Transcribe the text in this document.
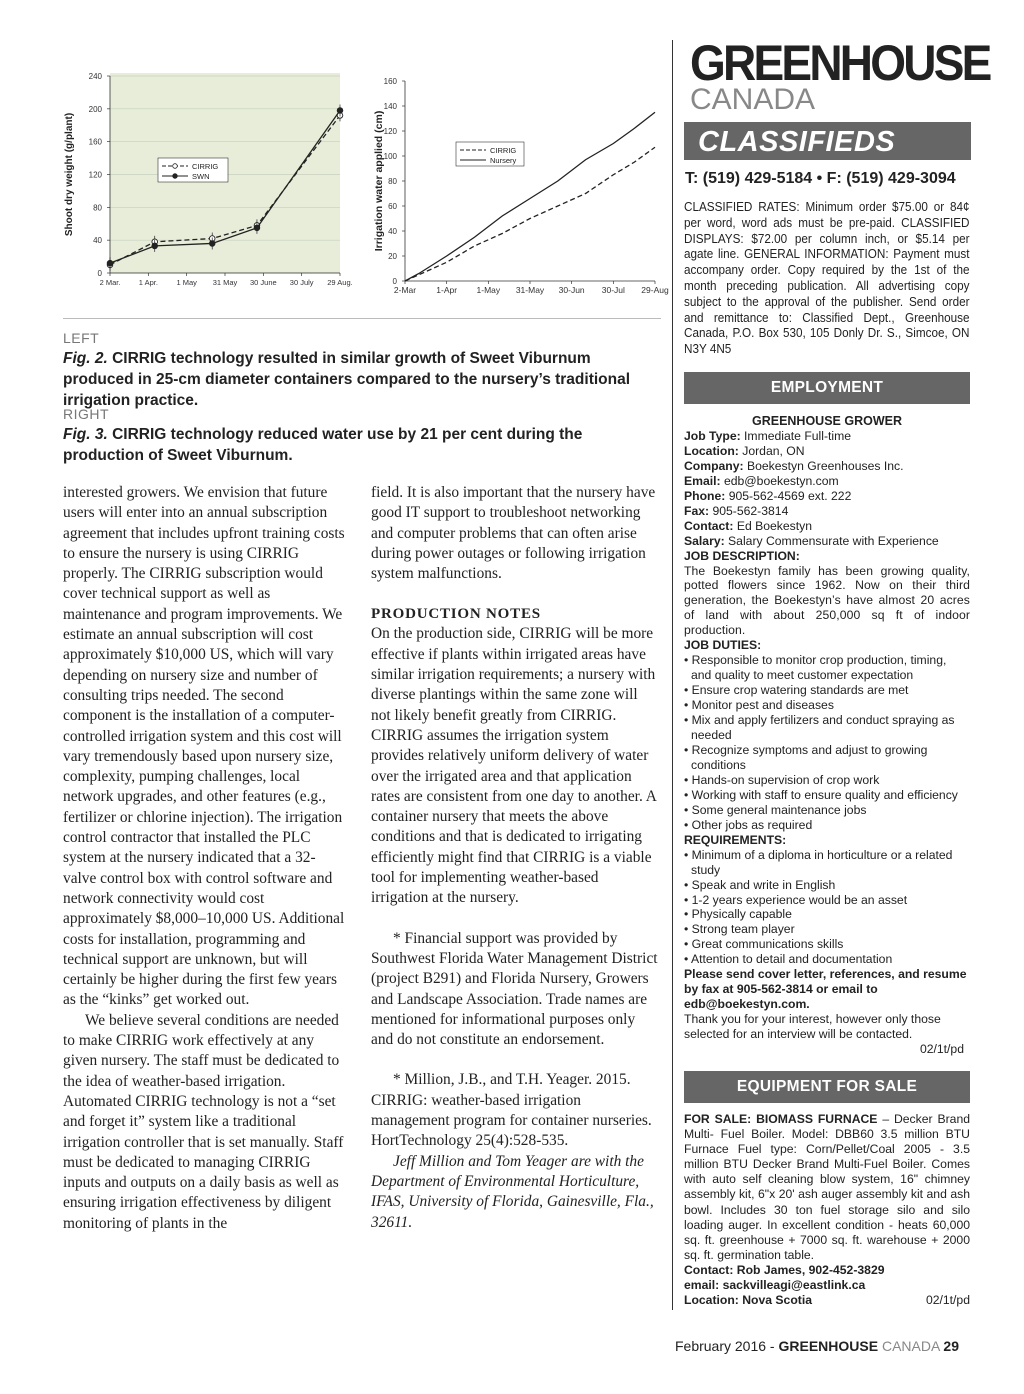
0
40
80
120
160
200
240
2 Mar. 1 Apr. 1 May 31 May 30 June 30 July 29 Aug.
Shoot dry weight (g/plant)	CIRRIG
SWN
0
20
40
60
80
100
120
140
160
2-Mar 1-Apr 1-May 31-May 30-Jun 30-Jul 29-Aug
Irrigation water applied (cm)	CIRRIG
Nursery
LEFT
Fig. 2. CIRRIG technology resulted in similar growth of Sweet Viburnum produced in 25-cm diameter containers compared to the nursery’s traditional irrigation practice.
RIGHT
Fig. 3. CIRRIG technology reduced water use by 21 per cent during the production of Sweet Viburnum.

interested growers. We envision that future users will enter into an annual subscription agreement that includes upfront training costs to ensure the nursery is using CIRRIG properly. The CIRRIG subscription would cover technical support as well as maintenance and program improvements. We estimate an annual subscription will cost approximately $10,000 US, which will vary depending on nursery size and number of consulting trips needed. The second component is the installation of a computer-controlled irrigation system and this cost will vary tremendously based upon nursery size, complexity, pumping challenges, local network upgrades, and other features (e.g., fertilizer or chlorine injection). The irrigation control contractor that installed the PLC system at the nursery indicated that a 32-valve control box with control software and network connectivity would cost approximately $8,000–10,000 US. Additional costs for installation, programming and technical support are unknown, but will certainly be higher during the first few years as the “kinks” get worked out.

We believe several conditions are needed to make CIRRIG work effectively at any given nursery. The staff must be dedicated to the idea of weather-based irrigation. Automated CIRRIG technology is not a “set and forget it” system like a traditional irrigation controller that is set manually. Staff must be dedicated to managing CIRRIG inputs and outputs on a daily basis as well as ensuring irrigation effectiveness by diligent monitoring of plants in the

field. It is also important that the nursery have good IT support to troubleshoot networking and computer problems that can often arise during power outages or following irrigation system malfunctions.

PRODUCTION NOTES

On the production side, CIRRIG will be more effective if plants within irrigated areas have similar irrigation requirements; a nursery with diverse plantings within the same zone will not likely benefit greatly from CIRRIG. CIRRIG assumes the irrigation system provides relatively uniform delivery of water over the irrigated area and that application rates are consistent from one day to another. A container nursery that meets the above conditions and that is dedicated to irrigating efficiently might find that CIRRIG is a viable tool for implementing weather-based irrigation at the nursery.

* Financial support was provided by Southwest Florida Water Management District (project B291) and Florida Nursery, Growers and Landscape Association. Trade names are mentioned for informational purposes only and do not constitute an endorsement.

* Million, J.B., and T.H. Yeager. 2015. CIRRIG: weather-based irrigation management program for container nurseries. HortTechnology 25(4):528-535.

Jeff Million and Tom Yeager are with the Department of Environmental Horticulture, IFAS, University of Florida, Gainesville, Fla., 32611.

GREENHOUSE
CANADA
CLASSIFIEDS
T: (519) 429-5184 • F: (519) 429-3094
CLASSIFIED RATES: Minimum order $75.00 or 84¢ per word, word ads must be pre-paid. CLASSIFIED DISPLAYS: $72.00 per column inch, or $5.14 per agate line. GENERAL INFORMATION: Payment must accompany order. Copy required by the 1st of the month preceding publication. All advertising copy subject to the approval of the publisher. Send order and remittance to: Classified Dept., Greenhouse Canada, P.O. Box 530, 105 Donly Dr. S., Simcoe, ON N3Y 4N5
EMPLOYMENT
GREENHOUSE GROWER
Job Type: Immediate Full-time
Location: Jordan, ON
Company: Boekestyn Greenhouses Inc.
Email: edb@boekestyn.com
Phone: 905-562-4569 ext. 222
Fax: 905-562-3814
Contact: Ed Boekestyn
Salary: Salary Commensurate with Experience
JOB DESCRIPTION:
The Boekestyn family has been growing quality, potted flowers since 1962. Now on their third generation, the Boekestyn’s have almost 20 acres of land with about 250,000 sq ft of indoor production.
JOB DUTIES:
• Responsible to monitor crop production, timing, and quality to meet customer expectation
• Ensure crop watering standards are met
• Monitor pest and diseases
• Mix and apply fertilizers and conduct spraying as needed
• Recognize symptoms and adjust to growing conditions
• Hands-on supervision of crop work
• Working with staff to ensure quality and efficiency
• Some general maintenance jobs
• Other jobs as required
REQUIREMENTS:
• Minimum of a diploma in horticulture or a related study
• Speak and write in English
• 1-2 years experience would be an asset
• Physically capable
• Strong team player
• Great communications skills
• Attention to detail and documentation
Please send cover letter, references, and resume by fax at 905-562-3814 or email to edb@boekestyn.com.
Thank you for your interest, however only those selected for an interview will be contacted.
02/1t/pd
EQUIPMENT FOR SALE
FOR SALE: BIOMASS FURNACE – Decker Brand Multi- Fuel Boiler. Model: DBB60 3.5 million BTU Furnace Fuel type: Corn/Pellet/Coal 2005 - 3.5 million BTU Decker Brand Multi-Fuel Boiler. Comes with auto self cleaning blow system, 16" chimney assembly kit, 6"x 20' ash auger assembly kit and ash bowl. Includes 30 ton fuel storage silo and silo loading auger. In excellent condition - heats 60,000 sq. ft. greenhouse + 7000 sq. ft. warehouse + 2000 sq. ft. germination table.
Contact: Rob James, 902-452-3829
email: sackvilleagi@eastlink.ca
Location: Nova Scotia	02/1t/pd
February 2016 - GREENHOUSE CANADA 29
